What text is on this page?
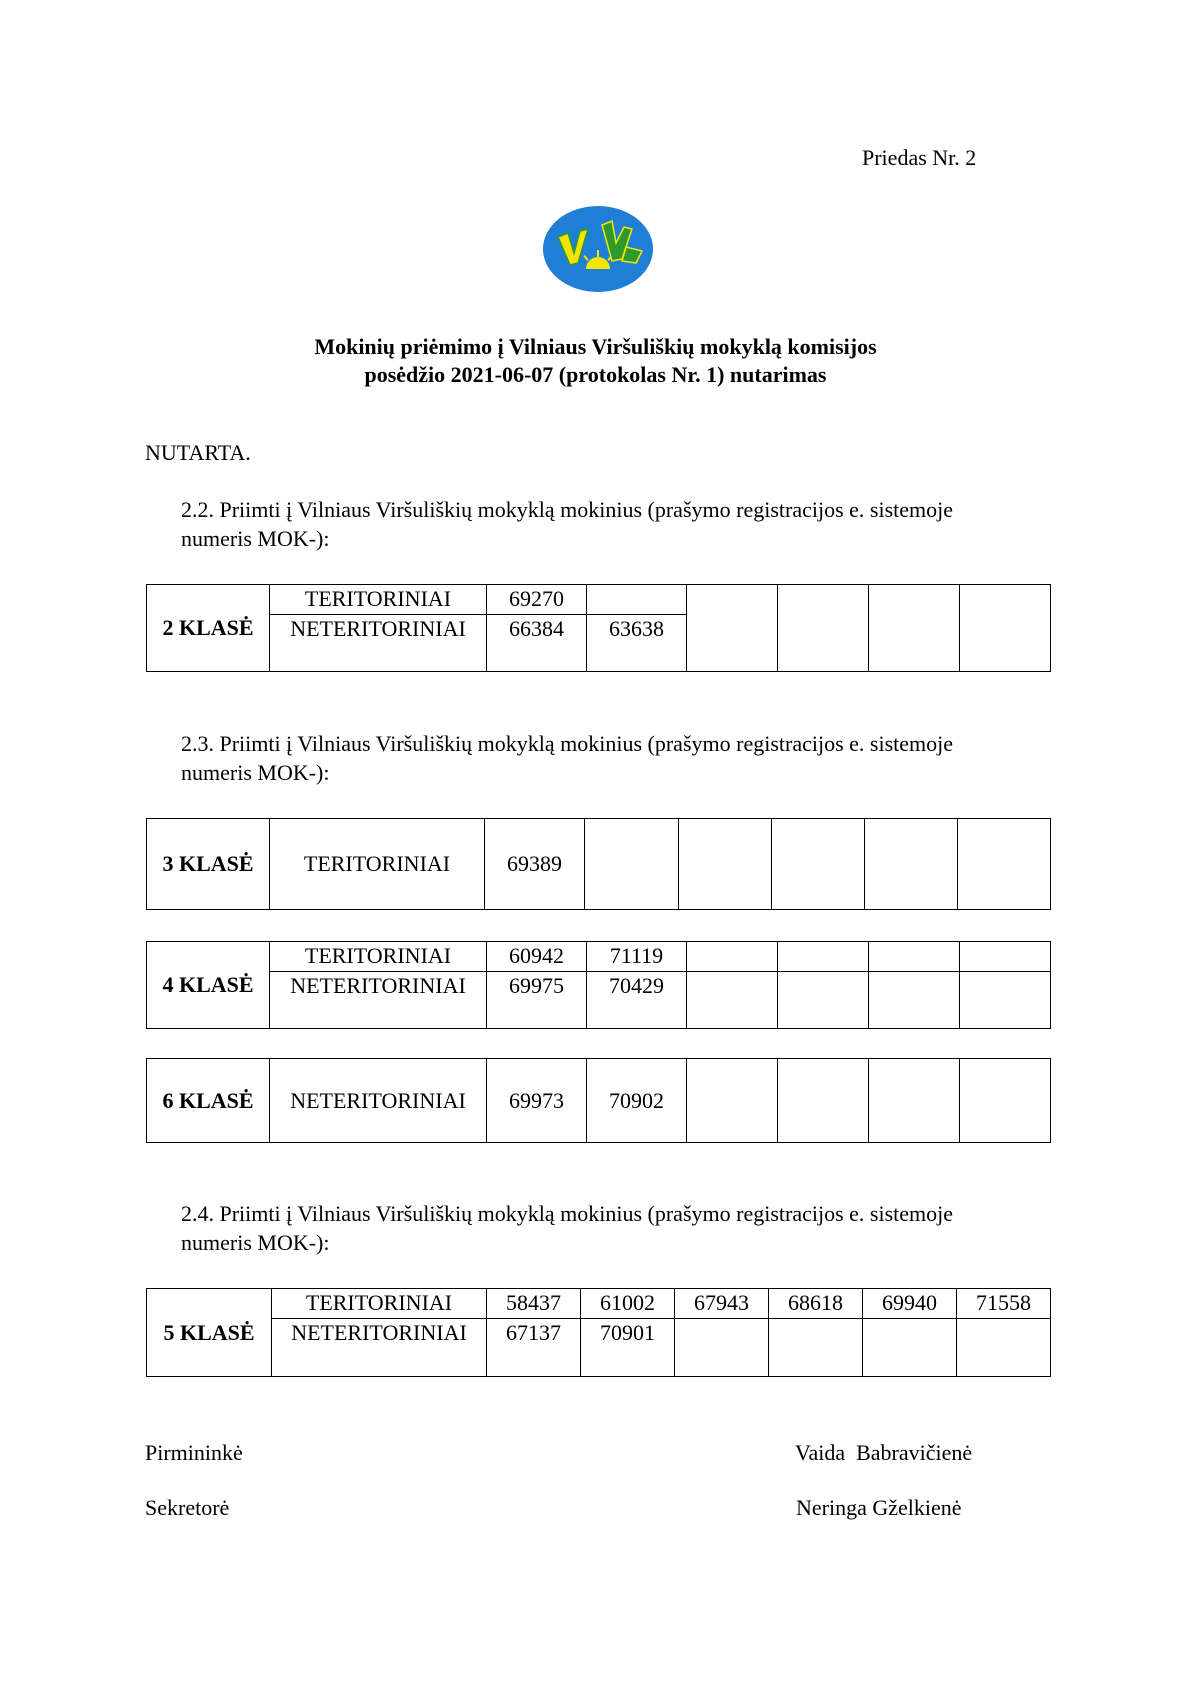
Priedas Nr. 2
Mokinių priėmimo į Vilniaus Viršuliškių mokyklą komisijos
posėdžio 2021-06-07 (protokolas Nr. 1) nutarimas
NUTARTA.
2.2. Priimti į Vilniaus Viršuliškių mokyklą mokinius (prašymo registracijos e. sistemoje
numeris MOK-):
2 KLASĖ	TERITORINIAI	69270					
	NETERITORINIAI	66384	63638				
2.3. Priimti į Vilniaus Viršuliškių mokyklą mokinius (prašymo registracijos e. sistemoje
numeris MOK-):
3 KLASĖ	TERITORINIAI	69389					
4 KLASĖ	TERITORINIAI	60942	71119				
	NETERITORINIAI	69975	70429				
6 KLASĖ	NETERITORINIAI	69973	70902				
2.4. Priimti į Vilniaus Viršuliškių mokyklą mokinius (prašymo registracijos e. sistemoje
numeris MOK-):
5 KLASĖ	TERITORINIAI	58437	61002	67943	68618	69940	71558
	NETERITORINIAI	67137	70901				
Pirmininkė	Vaida  Babravičienė
Sekretorė	Neringa Gželkienė
